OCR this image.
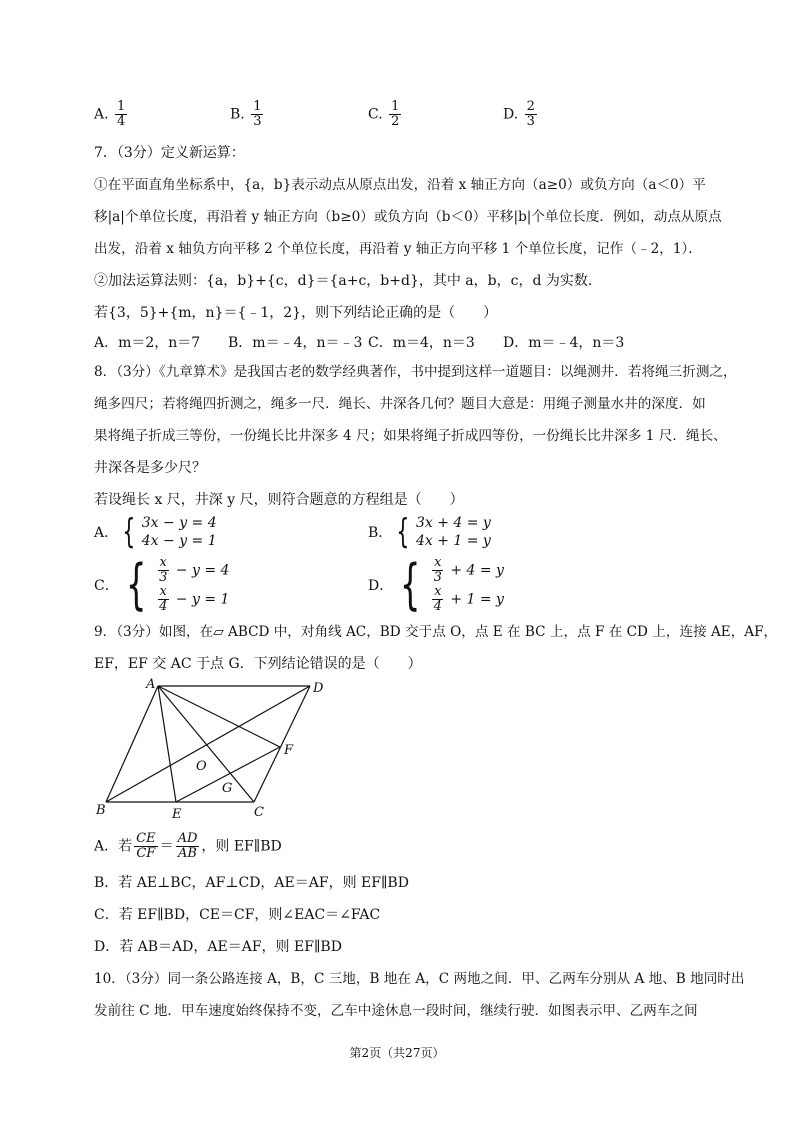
A. $\frac{1}{4}$	B. $\frac{1}{3}$	C. $\frac{1}{2}$	D. $\frac{2}{3}$
7．（3分）定义新运算：
①在平面直角坐标系中，{a，b}表示动点从原点出发，沿着 x 轴正方向（a≥0）或负方向（a＜0）平
移|a|个单位长度，再沿着 y 轴正方向（b≥0）或负方向（b＜0）平移|b|个单位长度．例如，动点从原点
出发，沿着 x 轴负方向平移 2 个单位长度，再沿着 y 轴正方向平移 1 个单位长度，记作（﹣2，1）．
②加法运算法则：{a，b}+{c，d}＝{a+c，b+d}，其中 a，b，c，d 为实数．
若{3，5}+{m，n}＝{﹣1，2}，则下列结论正确的是（　　）
A．m＝2，n＝7 B．m＝﹣4，n＝﹣3 C．m＝4，n＝3 D．m＝﹣4，n＝3
8．（3分）《九章算术》是我国古老的数学经典著作，书中提到这样一道题目：以绳测井．若将绳三折测之，
绳多四尺；若将绳四折测之，绳多一尺．绳长、井深各几何？题目大意是：用绳子测量水井的深度．如
果将绳子折成三等份，一份绳长比井深多 4 尺；如果将绳子折成四等份，一份绳长比井深多 1 尺．绳长、
井深各是多少尺？
若设绳长 x 尺，井深 y 尺，则符合题意的方程组是（　　）
A． { 3x − y = 4
4x − y = 1	B． { 3x + 4 = y
4x + 1 = y
C． { $\frac{x}{3} - y = 4$
$\frac{x}{4} - y = 1$
D． { $\frac{x}{3} + 4 = y$
$\frac{x}{4} + 1 = y$
9．（3分）如图，在▱ ABCD 中，对角线 AC，BD 交于点 O，点 E 在 BC 上，点 F 在 CD 上，连接 AE，AF，
EF，EF 交 AC 于点 G．下列结论错误的是（　　）
A	D
B	C
E
F
O
G
A．若 $\frac{CE}{CF} = \frac{AD}{AB}$ ，则 EF∥BD
B．若 AE⊥BC，AF⊥CD，AE＝AF，则 EF∥BD
C．若 EF∥BD，CE＝CF，则∠EAC＝∠FAC
D．若 AB＝AD，AE＝AF，则 EF∥BD
10．（3分）同一条公路连接 A，B，C 三地，B 地在 A，C 两地之间．甲、乙两车分别从 A 地、B 地同时出
发前往 C 地．甲车速度始终保持不变，乙车中途休息一段时间，继续行驶．如图表示甲、乙两车之间
第2页（共27页）
